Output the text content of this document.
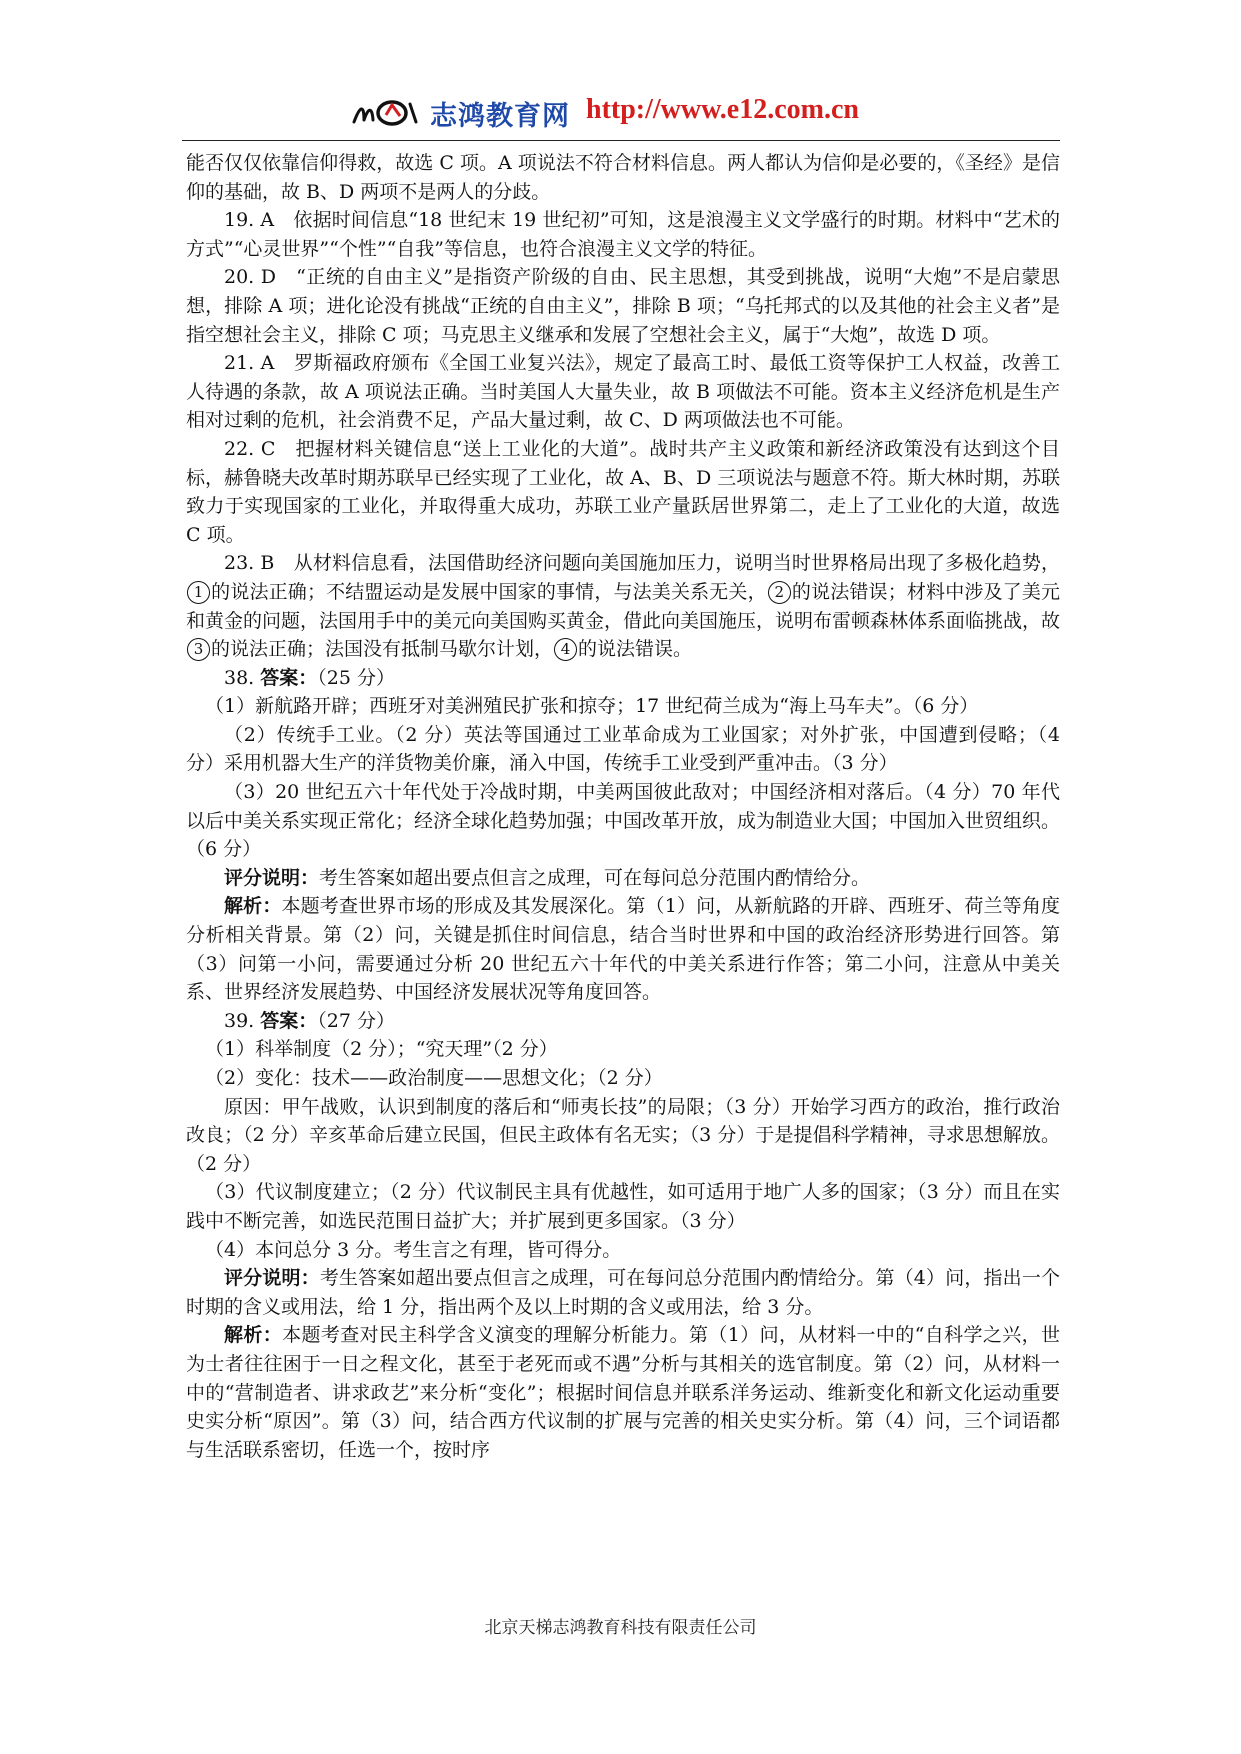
志鸿教育网 http://www.e12.com.cn

能否仅仅依靠信仰得救，故选 C 项。A 项说法不符合材料信息。两人都认为信仰是必要的，《圣经》是信仰的基础，故 B、D 两项不是两人的分歧。

19. A　依据时间信息“18 世纪末 19 世纪初”可知，这是浪漫主义文学盛行的时期。材料中“艺术的方式”“心灵世界”“个性”“自我”等信息，也符合浪漫主义文学的特征。

20. D　“正统的自由主义”是指资产阶级的自由、民主思想，其受到挑战，说明“大炮”不是启蒙思想，排除 A 项；进化论没有挑战“正统的自由主义”，排除 B 项；“乌托邦式的以及其他的社会主义者”是指空想社会主义，排除 C 项；马克思主义继承和发展了空想社会主义，属于“大炮”，故选 D 项。

21. A　罗斯福政府颁布《全国工业复兴法》，规定了最高工时、最低工资等保护工人权益，改善工人待遇的条款，故 A 项说法正确。当时美国人大量失业，故 B 项做法不可能。资本主义经济危机是生产相对过剩的危机，社会消费不足，产品大量过剩，故 C、D 两项做法也不可能。

22. C　把握材料关键信息“送上工业化的大道”。战时共产主义政策和新经济政策没有达到这个目标，赫鲁晓夫改革时期苏联早已经实现了工业化，故 A、B、D 三项说法与题意不符。斯大林时期，苏联致力于实现国家的工业化，并取得重大成功，苏联工业产量跃居世界第二，走上了工业化的大道，故选 C 项。

23. B　从材料信息看，法国借助经济问题向美国施加压力，说明当时世界格局出现了多极化趋势，1 的说法正确；不结盟运动是发展中国家的事情，与法美关系无关， 2 的说法错误；材料中涉及了美元和黄金的问题，法国用手中的美元向美国购买黄金，借此向美国施压，说明布雷顿森林体系面临挑战，故3 的说法正确；法国没有抵制马歇尔计划， 4 的说法错误。

38. 答案：（25 分）

（1）新航路开辟；西班牙对美洲殖民扩张和掠夺；17 世纪荷兰成为“海上马车夫”。（6 分）

（2）传统手工业。（2 分）英法等国通过工业革命成为工业国家；对外扩张，中国遭到侵略；（4 分）采用机器大生产的洋货物美价廉，涌入中国，传统手工业受到严重冲击。（3 分）

（3）20 世纪五六十年代处于冷战时期，中美两国彼此敌对；中国经济相对落后。（4 分）70 年代以后中美关系实现正常化；经济全球化趋势加强；中国改革开放，成为制造业大国；中国加入世贸组织。（6 分）

评分说明：考生答案如超出要点但言之成理，可在每问总分范围内酌情给分。

解析：本题考查世界市场的形成及其发展深化。第（1）问，从新航路的开辟、西班牙、荷兰等角度分析相关背景。第（2）问，关键是抓住时间信息，结合当时世界和中国的政治经济形势进行回答。第（3）问第一小问，需要通过分析 20 世纪五六十年代的中美关系进行作答；第二小问，注意从中美关系、世界经济发展趋势、中国经济发展状况等角度回答。

39. 答案：（27 分）

（1）科举制度（2 分）；“究天理”（2 分）

（2）变化：技术——政治制度——思想文化；（2 分）

原因：甲午战败，认识到制度的落后和“师夷长技”的局限；（3 分）开始学习西方的政治，推行政治改良；（2 分）辛亥革命后建立民国，但民主政体有名无实；（3 分）于是提倡科学精神，寻求思想解放。（2 分）

（3）代议制度建立；（2 分）代议制民主具有优越性，如可适用于地广人多的国家；（3 分）而且在实践中不断完善，如选民范围日益扩大；并扩展到更多国家。（3 分）

（4）本问总分 3 分。考生言之有理，皆可得分。

评分说明：考生答案如超出要点但言之成理，可在每问总分范围内酌情给分。第（4）问，指出一个时期的含义或用法，给 1 分，指出两个及以上时期的含义或用法，给 3 分。

解析：本题考查对民主科学含义演变的理解分析能力。第（1）问，从材料一中的“自科学之兴，世为士者往往困于一日之程文化，甚至于老死而或不遇”分析与其相关的选官制度。第（2）问，从材料一中的“营制造者、讲求政艺”来分析“变化”；根据时间信息并联系洋务运动、维新变化和新文化运动重要史实分析“原因”。第（3）问，结合西方代议制的扩展与完善的相关史实分析。第（4）问，三个词语都与生活联系密切，任选一个，按时序

北京天梯志鸿教育科技有限责任公司
